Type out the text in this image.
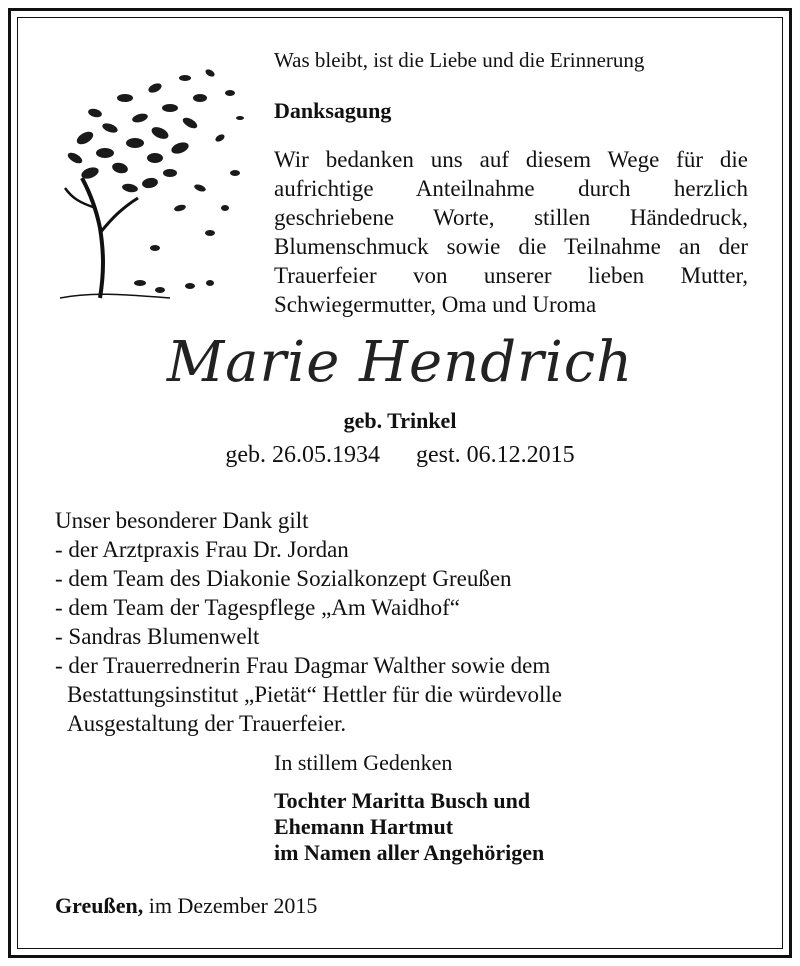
Was bleibt, ist die Liebe und die Erinnerung
Danksagung
Wir bedanken uns auf diesem Wege für die aufrichtige Anteilnahme durch herzlich geschriebene Worte, stillen Händedruck, Blumenschmuck sowie die Teilnahme an der Trauerfeier von unserer lieben Mutter, Schwiegermutter, Oma und Uroma
Marie Hendrich
geb. Trinkel
geb. 26.05.1934 gest. 06.12.2015
Unser besonderer Dank gilt
- der Arztpraxis Frau Dr. Jordan
- dem Team des Diakonie Sozialkonzept Greußen
- dem Team der Tagespflege „Am Waidhof“
- Sandras Blumenwelt
- der Trauerrednerin Frau Dagmar Walther sowie dem
Bestattungsinstitut „Pietät“ Hettler für die würdevolle
Ausgestaltung der Trauerfeier.
In stillem Gedenken
Tochter Maritta Busch und
Ehemann Hartmut
im Namen aller Angehörigen
Greußen, im Dezember 2015
